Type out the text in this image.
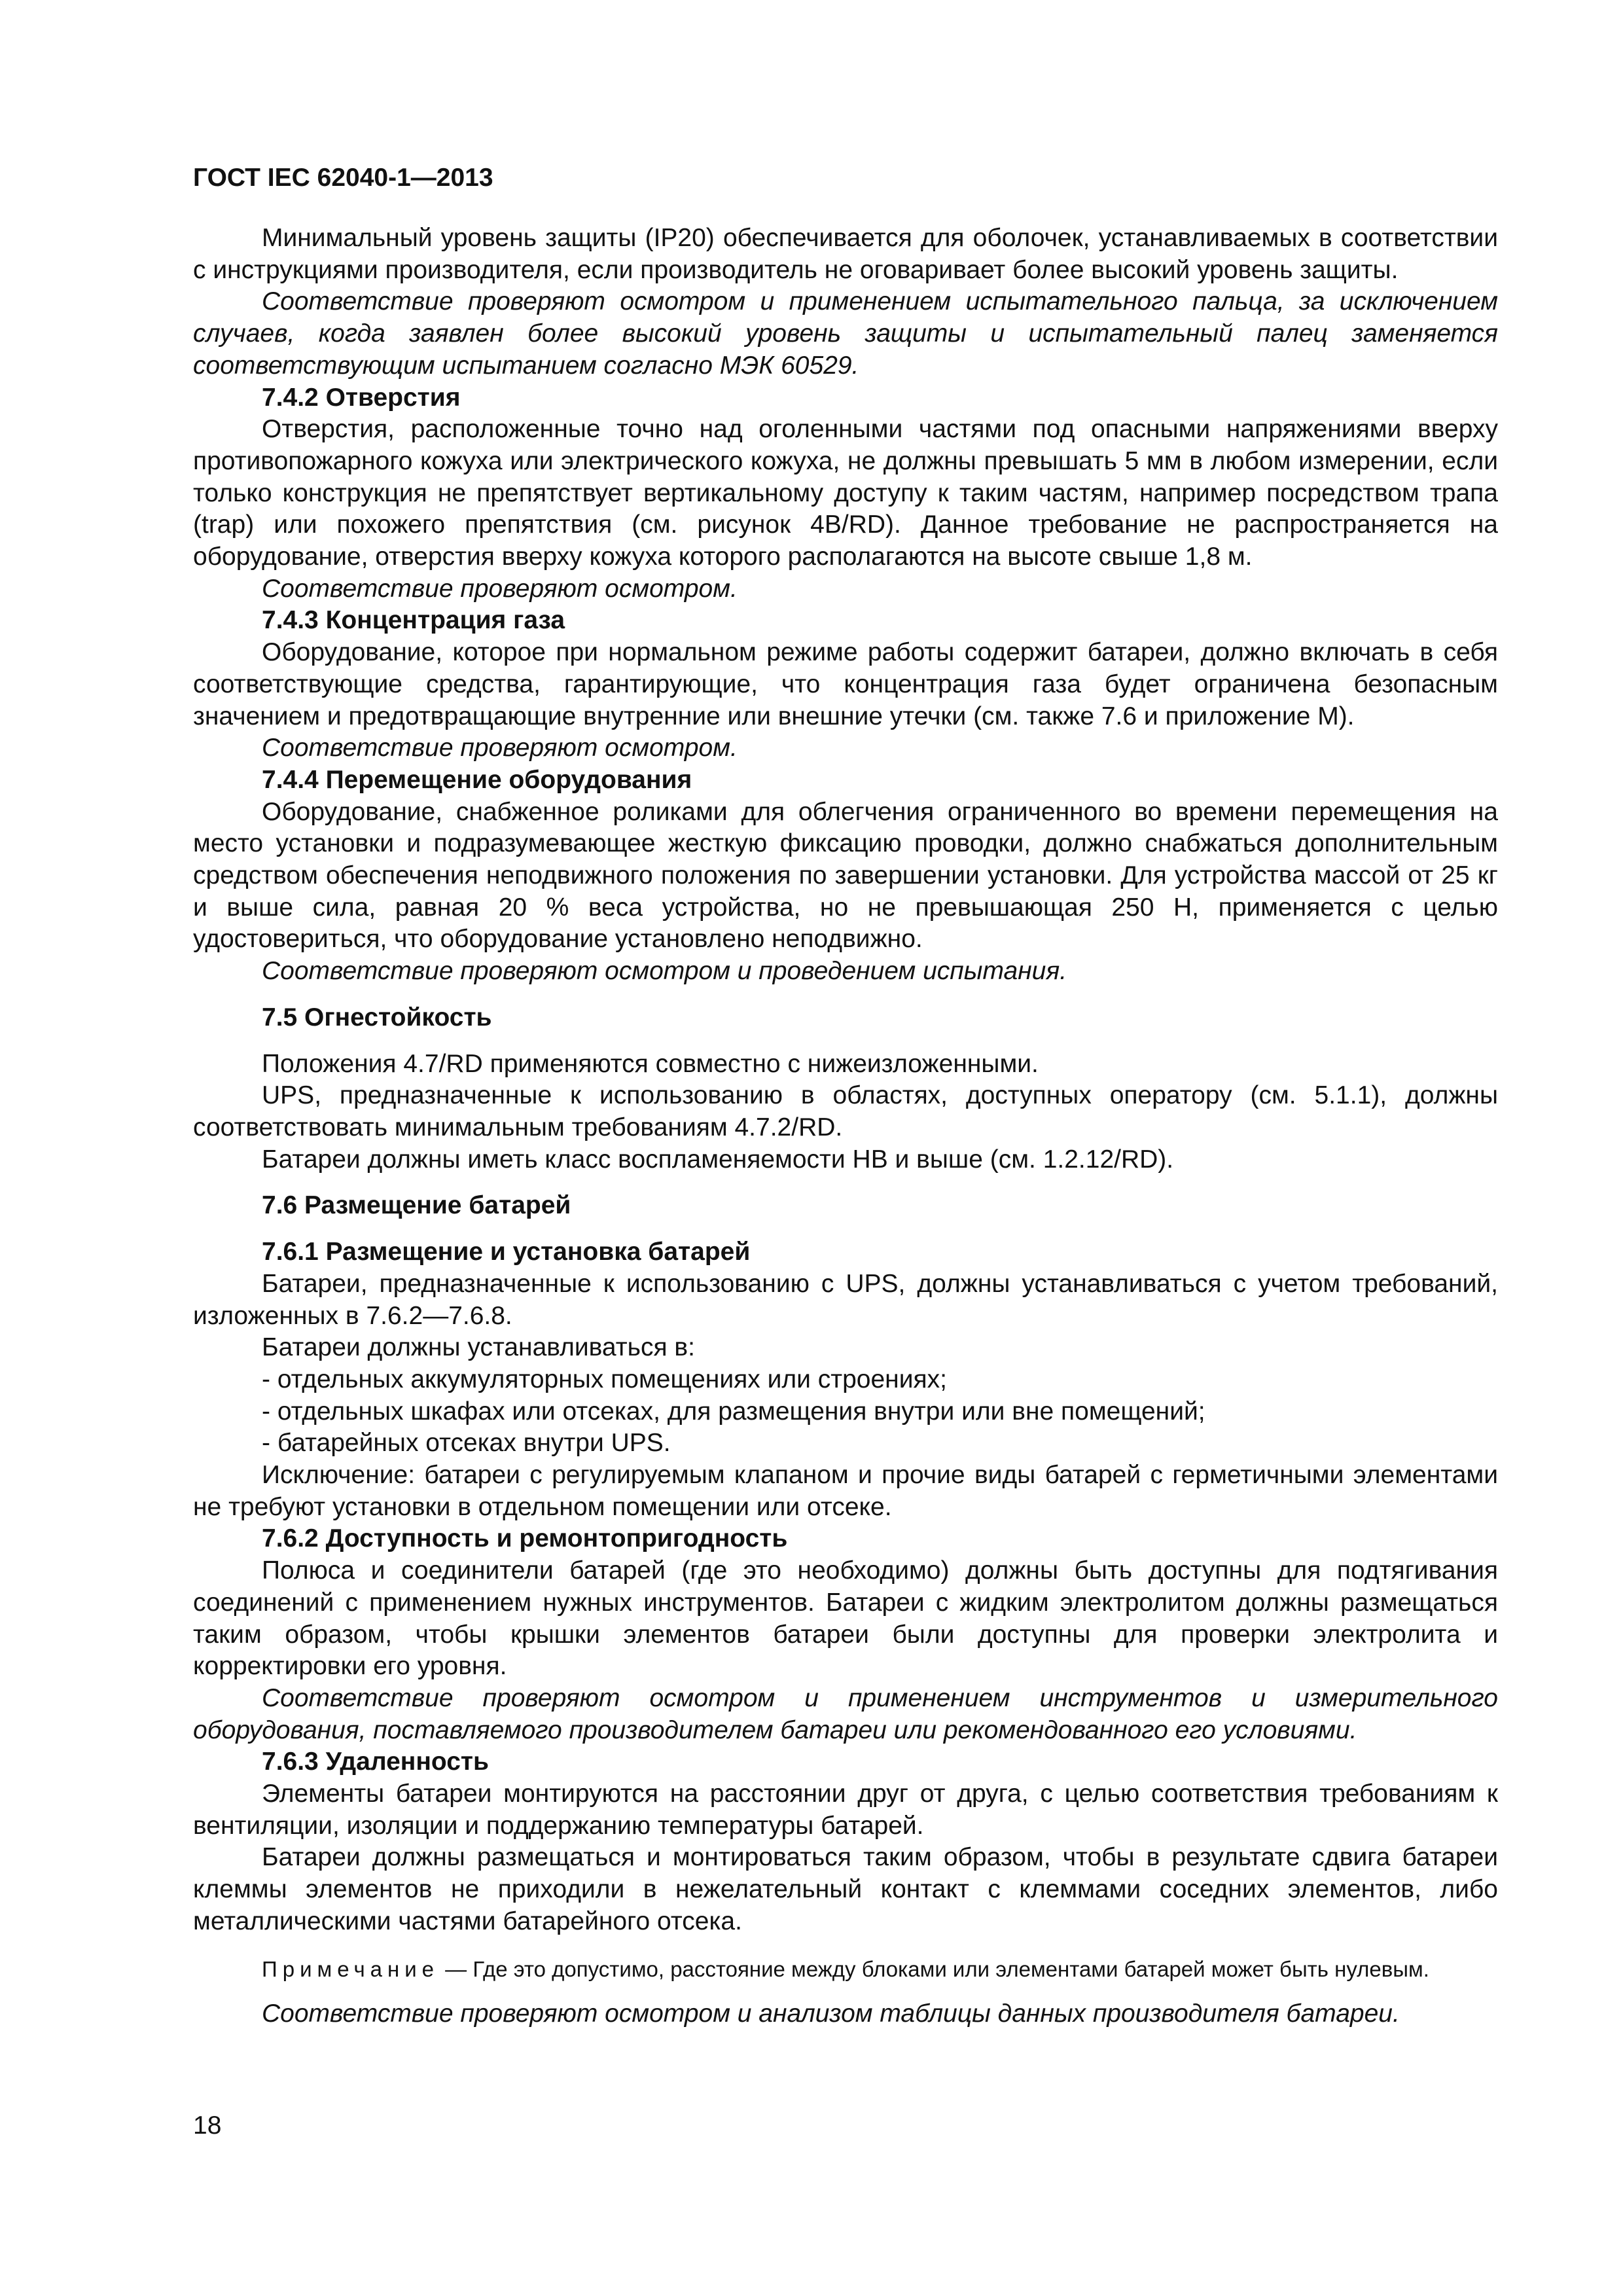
ГОСТ IEC 62040-1—2013

Минимальный уровень защиты (IP20) обеспечивается для оболочек, устанавливаемых в соответствии с инструкциями производителя, если производитель не оговаривает более высокий уровень защиты.

Соответствие проверяют осмотром и применением испытательного пальца, за исключением случаев, когда заявлен более высокий уровень защиты и испытательный палец заменяется соответствующим испытанием согласно МЭК 60529.

7.4.2 Отверстия

Отверстия, расположенные точно над оголенными частями под опасными напряжениями вверху противопожарного кожуха или электрического кожуха, не должны превышать 5 мм в любом измерении, если только конструкция не препятствует вертикальному доступу к таким частям, например посредством трапа (trap) или похожего препятствия (см. рисунок 4B/RD). Данное требование не распространяется на оборудование, отверстия вверху кожуха которого располагаются на высоте свыше 1,8 м.

Соответствие проверяют осмотром.

7.4.3 Концентрация газа

Оборудование, которое при нормальном режиме работы содержит батареи, должно включать в себя соответствующие средства, гарантирующие, что концентрация газа будет ограничена безопасным значением и предотвращающие внутренние или внешние утечки (см. также 7.6 и приложение M).

Соответствие проверяют осмотром.

7.4.4 Перемещение оборудования

Оборудование, снабженное роликами для облегчения ограниченного во времени перемещения на место установки и подразумевающее жесткую фиксацию проводки, должно снабжаться дополнительным средством обеспечения неподвижного положения по завершении установки. Для устройства массой от 25 кг и выше сила, равная 20 % веса устройства, но не превышающая 250 Н, применяется с целью удостовериться, что оборудование установлено неподвижно.

Соответствие проверяют осмотром и проведением испытания.

7.5 Огнестойкость

Положения 4.7/RD применяются совместно с нижеизложенными.

UPS, предназначенные к использованию в областях, доступных оператору (см. 5.1.1), должны соответствовать минимальным требованиям 4.7.2/RD.

Батареи должны иметь класс воспламеняемости HB и выше (см. 1.2.12/RD).

7.6 Размещение батарей

7.6.1 Размещение и установка батарей

Батареи, предназначенные к использованию с UPS, должны устанавливаться с учетом требований, изложенных в 7.6.2—7.6.8.

Батареи должны устанавливаться в:

- отдельных аккумуляторных помещениях или строениях;

- отдельных шкафах или отсеках, для размещения внутри или вне помещений;

- батарейных отсеках внутри UPS.

Исключение: батареи с регулируемым клапаном и прочие виды батарей с герметичными элементами не требуют установки в отдельном помещении или отсеке.

7.6.2 Доступность и ремонтопригодность

Полюса и соединители батарей (где это необходимо) должны быть доступны для подтягивания соединений с применением нужных инструментов. Батареи с жидким электролитом должны размещаться таким образом, чтобы крышки элементов батареи были доступны для проверки электролита и корректировки его уровня.

Соответствие проверяют осмотром и применением инструментов и измерительного оборудования, поставляемого производителем батареи или рекомендованного его условиями.

7.6.3 Удаленность

Элементы батареи монтируются на расстоянии друг от друга, с целью соответствия требованиям к вентиляции, изоляции и поддержанию температуры батарей.

Батареи должны размещаться и монтироваться таким образом, чтобы в результате сдвига батареи клеммы элементов не приходили в нежелательный контакт с клеммами соседних элементов, либо металлическими частями батарейного отсека.

Примечание — Где это допустимо, расстояние между блоками или элементами батарей может быть нулевым.

Соответствие проверяют осмотром и анализом таблицы данных производителя батареи.

18
